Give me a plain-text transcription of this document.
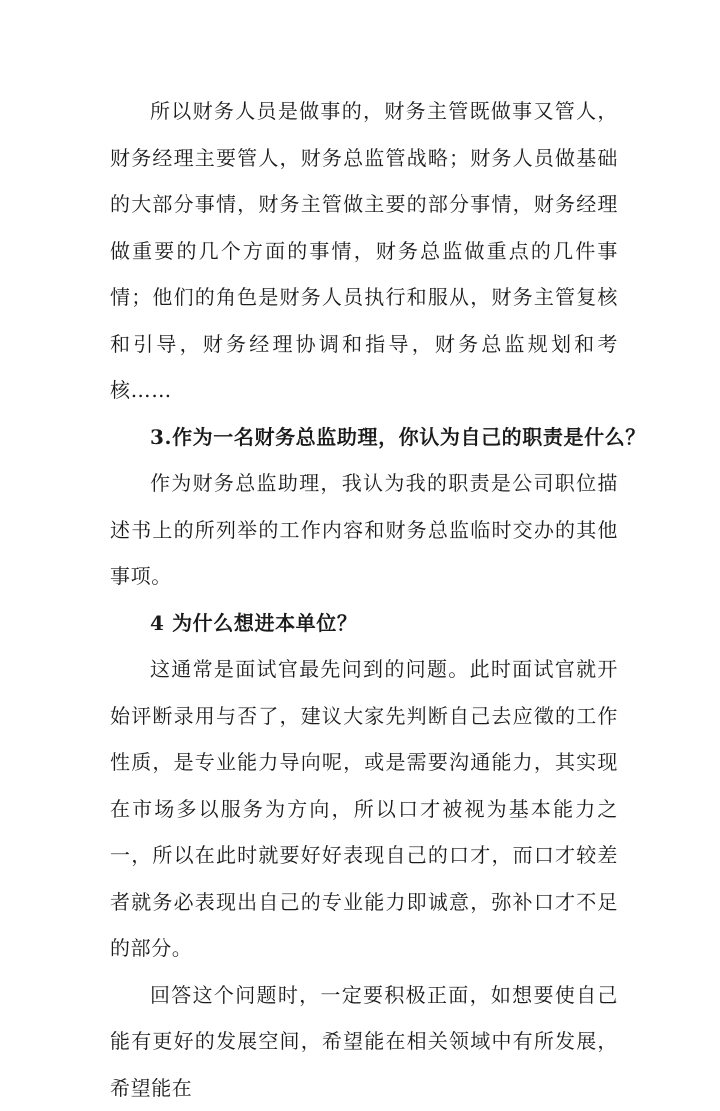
所以财务人员是做事的，财务主管既做事又管人，财务经理主要管人，财务总监管战略；财务人员做基础的大部分事情，财务主管做主要的部分事情，财务经理做重要的几个方面的事情，财务总监做重点的几件事情；他们的角色是财务人员执行和服从，财务主管复核和引导，财务经理协调和指导，财务总监规划和考核……

3.作为一名财务总监助理，你认为自己的职责是什么？

作为财务总监助理，我认为我的职责是公司职位描述书上的所列举的工作内容和财务总监临时交办的其他事项。

4 为什么想进本单位？

这通常是面试官最先问到的问题。此时面试官就开始评断录用与否了，建议大家先判断自己去应徵的工作性质，是专业能力导向呢，或是需要沟通能力，其实现在市场多以服务为方向，所以口才被视为基本能力之一，所以在此时就要好好表现自己的口才，而口才较差者就务必表现出自己的专业能力即诚意，弥补口才不足的部分。

回答这个问题时，一定要积极正面，如想要使自己能有更好的发展空间，希望能在相关领域中有所发展，希望能在
